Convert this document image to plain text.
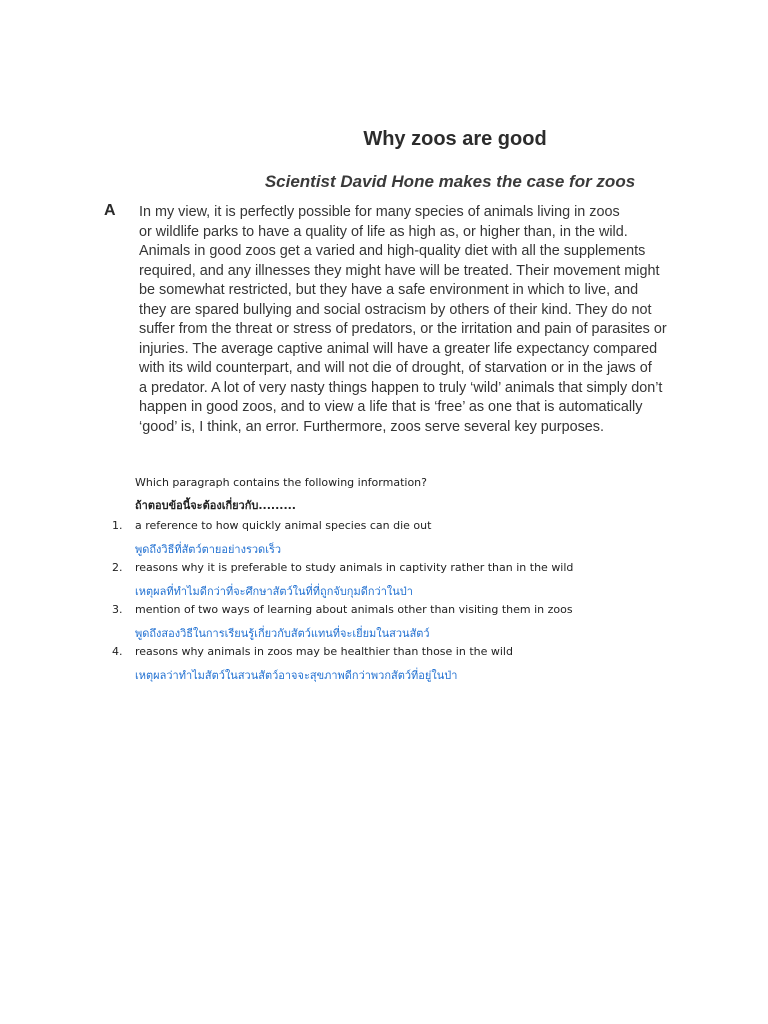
Why zoos are good
Scientist David Hone makes the case for zoos
A In my view, it is perfectly possible for many species of animals living in zoos
or wildlife parks to have a quality of life as high as, or higher than, in the wild.
Animals in good zoos get a varied and high-quality diet with all the supplements
required, and any illnesses they might have will be treated. Their movement might
be somewhat restricted, but they have a safe environment in which to live, and
they are spared bullying and social ostracism by others of their kind. They do not
suffer from the threat or stress of predators, or the irritation and pain of parasites or
injuries. The average captive animal will have a greater life expectancy compared
with its wild counterpart, and will not die of drought, of starvation or in the jaws of
a predator. A lot of very nasty things happen to truly ‘wild’ animals that simply don’t
happen in good zoos, and to view a life that is ‘free’ as one that is automatically
‘good’ is, I think, an error. Furthermore, zoos serve several key purposes.
Which paragraph contains the following information?
ถ้าตอบข้อนี้จะต้องเกี่ยวกับ.........
1. a reference to how quickly animal species can die out
พูดถึงวิธีที่สัตว์ตายอย่างรวดเร็ว
2. reasons why it is preferable to study animals in captivity rather than in the wild
เหตุผลที่ทำไมดีกว่าที่จะศึกษาสัตว์ในที่ที่ถูกจับกุมดีกว่าในป่า
3. mention of two ways of learning about animals other than visiting them in zoos
พูดถึงสองวิธีในการเรียนรู้เกี่ยวกับสัตว์แทนที่จะเยี่ยมในสวนสัตว์
4. reasons why animals in zoos may be healthier than those in the wild
เหตุผลว่าทำไมสัตว์ในสวนสัตว์อาจจะสุขภาพดีกว่าพวกสัตว์ที่อยู่ในป่า
